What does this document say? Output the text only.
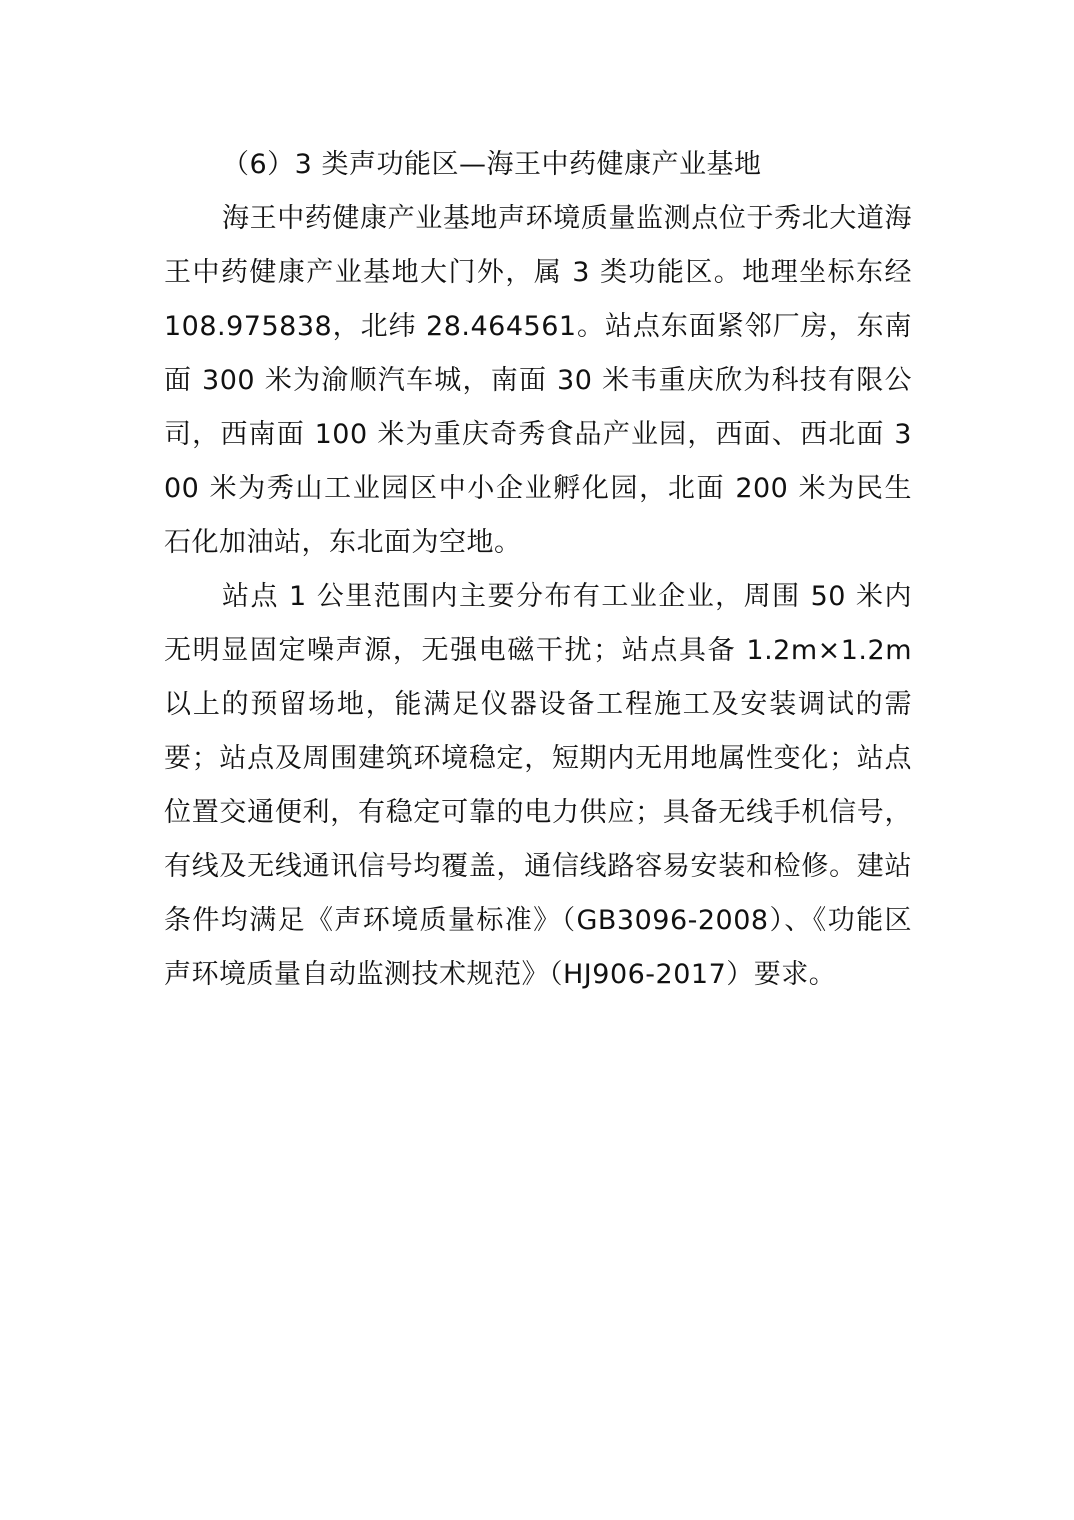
（6）3 类声功能区—海王中药健康产业基地

海王中药健康产业基地声环境质量监测点位于秀北大道海王中药健康产业基地大门外，属 3 类功能区。地理坐标东经 108.975838，北纬 28.464561。站点东面紧邻厂房，东南面 300 米为渝顺汽车城，南面 30 米韦重庆欣为科技有限公司，西南面 100 米为重庆奇秀食品产业园，西面、西北面 300 米为秀山工业园区中小企业孵化园，北面 200 米为民生石化加油站，东北面为空地。

站点 1 公里范围内主要分布有工业企业，周围 50 米内无明显固定噪声源，无强电磁干扰；站点具备 1.2m×1.2m 以上的预留场地，能满足仪器设备工程施工及安装调试的需要；站点及周围建筑环境稳定，短期内无用地属性变化；站点位置交通便利，有稳定可靠的电力供应；具备无线手机信号，有线及无线通讯信号均覆盖，通信线路容易安装和检修。建站条件均满足《声环境质量标准》（GB3096-2008）、《功能区声环境质量自动监测技术规范》（HJ906-2017）要求。
